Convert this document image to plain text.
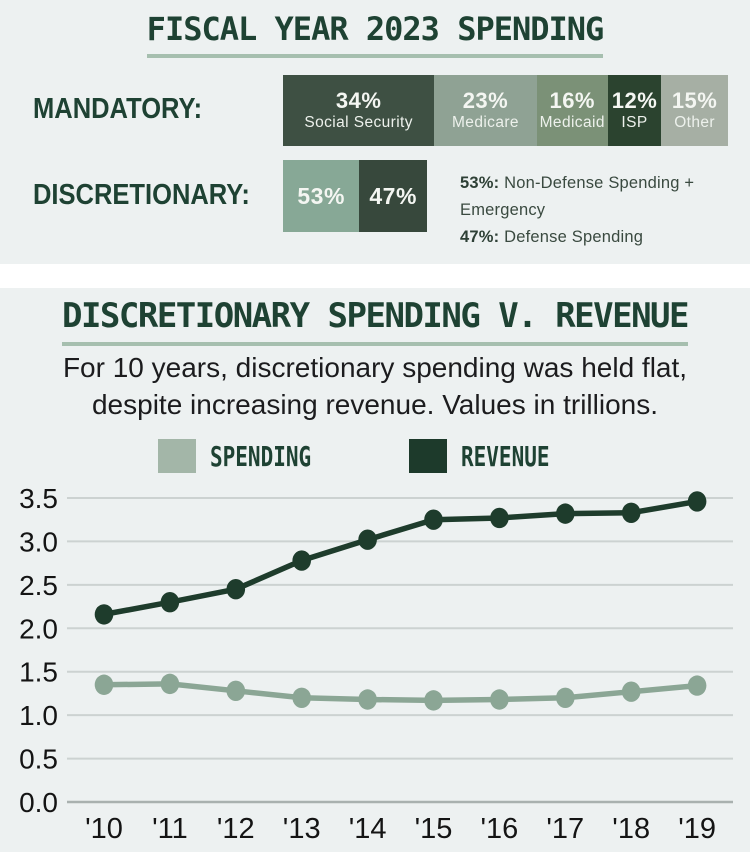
FISCAL YEAR 2023 SPENDING
MANDATORY:	34%
Social Security
23%
Medicare
16%
Medicaid
12%
ISP
15%
Other
DISCRETIONARY: 53% 47%	53%: Non-Defense Spending + Emergency
47%: Defense Spending
DISCRETIONARY SPENDING V. REVENUE
For 10 years, discretionary spending was held flat,
despite increasing revenue. Values in trillions.
SPENDING	REVENUE
0.0
0.5
1.0
1.5
2.0
2.5
3.0
3.5
'10 '11 '12 '13 '14 '15 '16 '17 '18 '19
